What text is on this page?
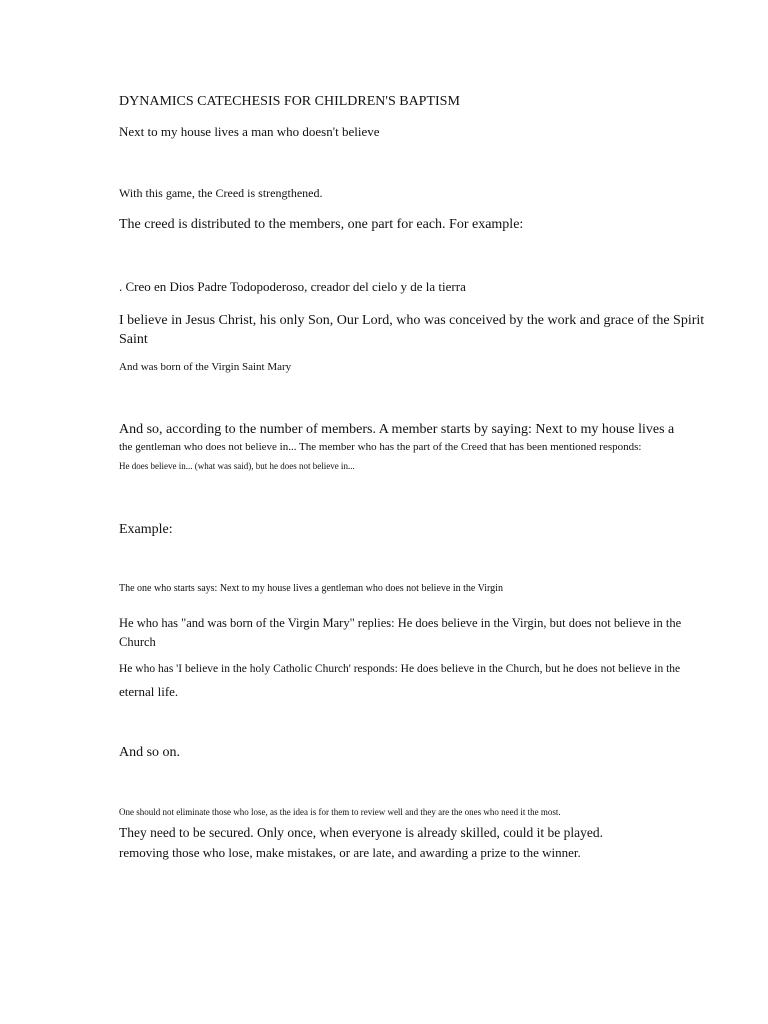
DYNAMICS CATECHESIS FOR CHILDREN'S BAPTISM
Next to my house lives a man who doesn't believe
With this game, the Creed is strengthened.
The creed is distributed to the members, one part for each. For example:
. Creo en Dios Padre Todopoderoso, creador del cielo y de la tierra
I believe in Jesus Christ, his only Son, Our Lord, who was conceived by the work and grace of the Spirit Saint
And was born of the Virgin Saint Mary
And so, according to the number of members. A member starts by saying: Next to my house lives a
the gentleman who does not believe in... The member who has the part of the Creed that has been mentioned responds:
He does believe in... (what was said), but he does not believe in...
Example:
The one who starts says: Next to my house lives a gentleman who does not believe in the Virgin
He who has "and was born of the Virgin Mary" replies: He does believe in the Virgin, but does not believe in the Church
He who has 'I believe in the holy Catholic Church' responds: He does believe in the Church, but he does not believe in the
eternal life.
And so on.
One should not eliminate those who lose, as the idea is for them to review well and they are the ones who need it the most.
They need to be secured. Only once, when everyone is already skilled, could it be played.
removing those who lose, make mistakes, or are late, and awarding a prize to the winner.
